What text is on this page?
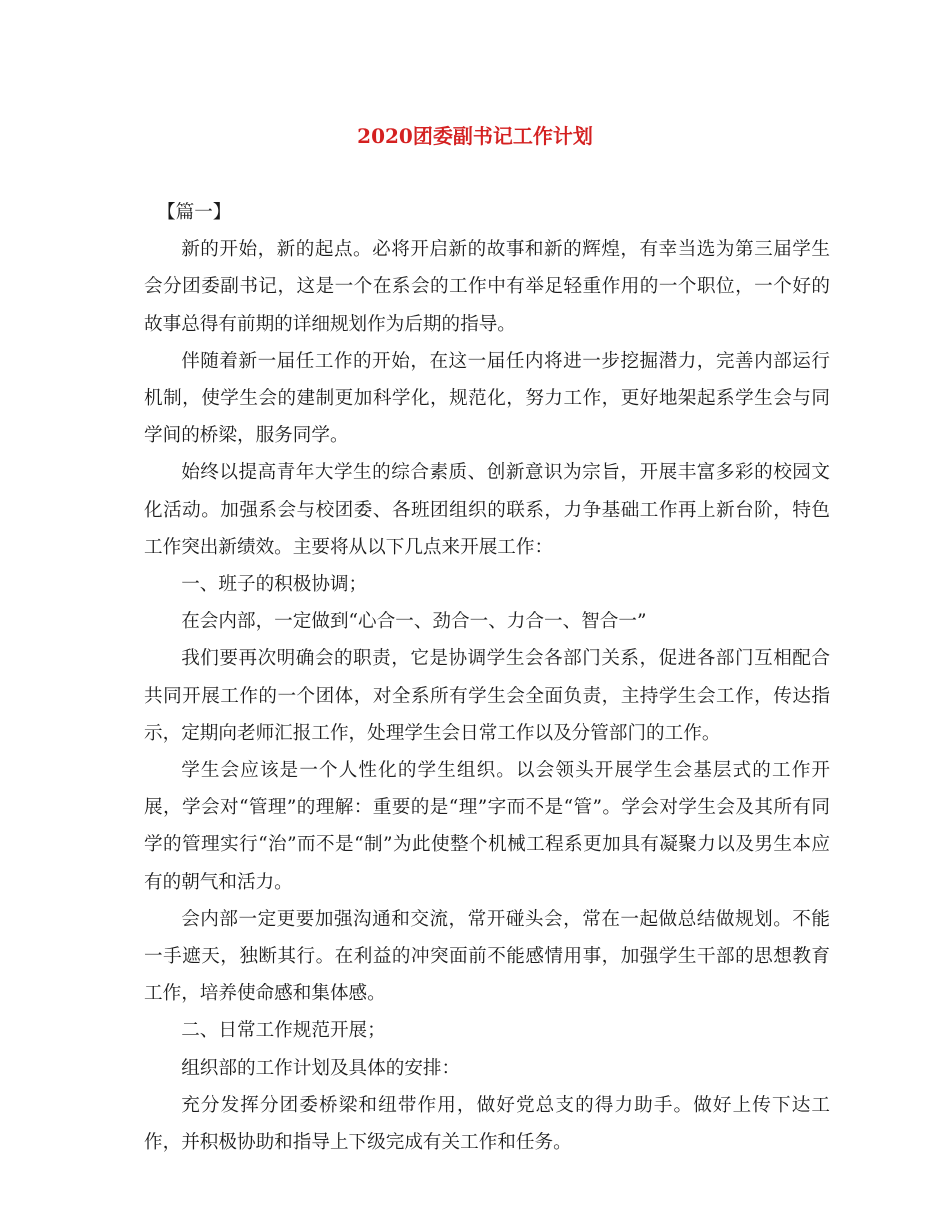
2020团委副书记工作计划

【篇一】

新的开始，新的起点。必将开启新的故事和新的辉煌，有幸当选为第三届学生会分团委副书记，这是一个在系会的工作中有举足轻重作用的一个职位，一个好的故事总得有前期的详细规划作为后期的指导。

伴随着新一届任工作的开始，在这一届任内将进一步挖掘潜力，完善内部运行机制，使学生会的建制更加科学化，规范化，努力工作，更好地架起系学生会与同学间的桥梁，服务同学。

始终以提高青年大学生的综合素质、创新意识为宗旨，开展丰富多彩的校园文化活动。加强系会与校团委、各班团组织的联系，力争基础工作再上新台阶，特色工作突出新绩效。主要将从以下几点来开展工作：

一、班子的积极协调；

在会内部，一定做到“心合一、劲合一、力合一、智合一”

我们要再次明确会的职责，它是协调学生会各部门关系，促进各部门互相配合共同开展工作的一个团体，对全系所有学生会全面负责，主持学生会工作，传达指示，定期向老师汇报工作，处理学生会日常工作以及分管部门的工作。

学生会应该是一个人性化的学生组织。以会领头开展学生会基层式的工作开展，学会对“管理”的理解：重要的是“理”字而不是“管”。学会对学生会及其所有同学的管理实行“治”而不是“制”为此使整个机械工程系更加具有凝聚力以及男生本应有的朝气和活力。

会内部一定更要加强沟通和交流，常开碰头会，常在一起做总结做规划。不能一手遮天，独断其行。在利益的冲突面前不能感情用事，加强学生干部的思想教育工作，培养使命感和集体感。

二、日常工作规范开展；

组织部的工作计划及具体的安排：

充分发挥分团委桥梁和纽带作用，做好党总支的得力助手。做好上传下达工作，并积极协助和指导上下级完成有关工作和任务。
